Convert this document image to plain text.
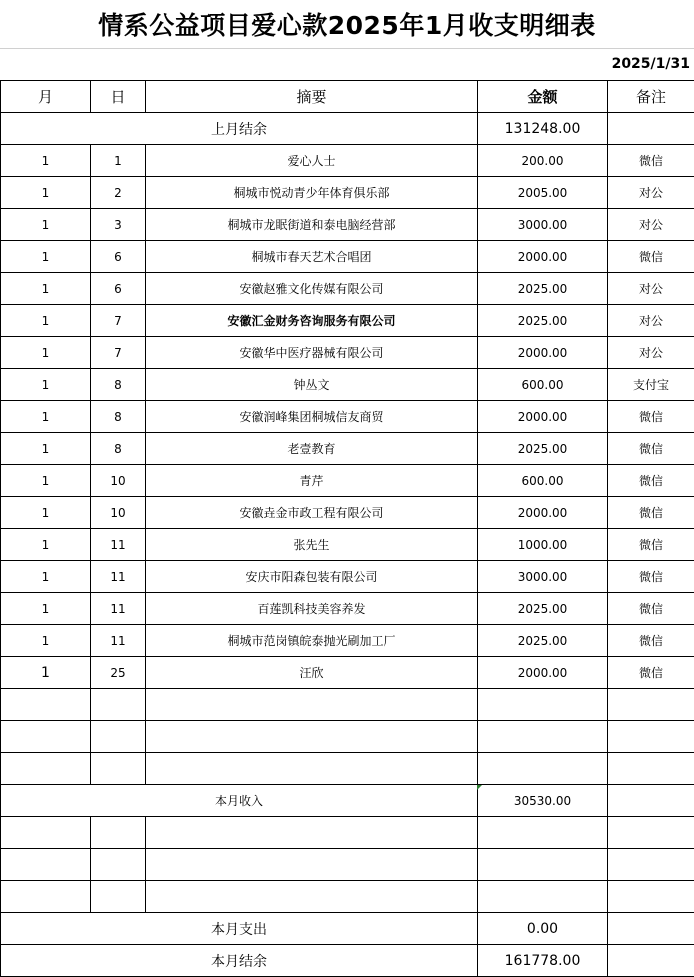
情系公益项目爱心款2025年1月收支明细表
2025/1/31
月	日	摘要	金额	备注
上月结余			131248.00	
1	1	爱心人士	200.00	微信
1	2	桐城市悦动青少年体育俱乐部	2005.00	对公
1	3	桐城市龙眠街道和泰电脑经营部	3000.00	对公
1	6	桐城市春天艺术合唱团	2000.00	微信
1	6	安徽赵雅文化传媒有限公司	2025.00	对公
1	7	安徽汇金财务咨询服务有限公司	2025.00	对公
1	7	安徽华中医疗器械有限公司	2000.00	对公
1	8	钟丛文	600.00	支付宝
1	8	安徽润峰集团桐城信友商贸	2000.00	微信
1	8	老壹教育	2025.00	微信
1	10	青芹	600.00	微信
1	10	安徽垚金市政工程有限公司	2000.00	微信
1	11	张先生	1000.00	微信
1	11	安庆市阳森包装有限公司	3000.00	微信
1	11	百莲凯科技美容养发	2025.00	微信
1	11	桐城市范岗镇皖泰抛光刷加工厂	2025.00	微信
1	25	汪欣	2000.00	微信

本月收入			30530.00	

本月支出			0.00	
本月结余			161778.00	
